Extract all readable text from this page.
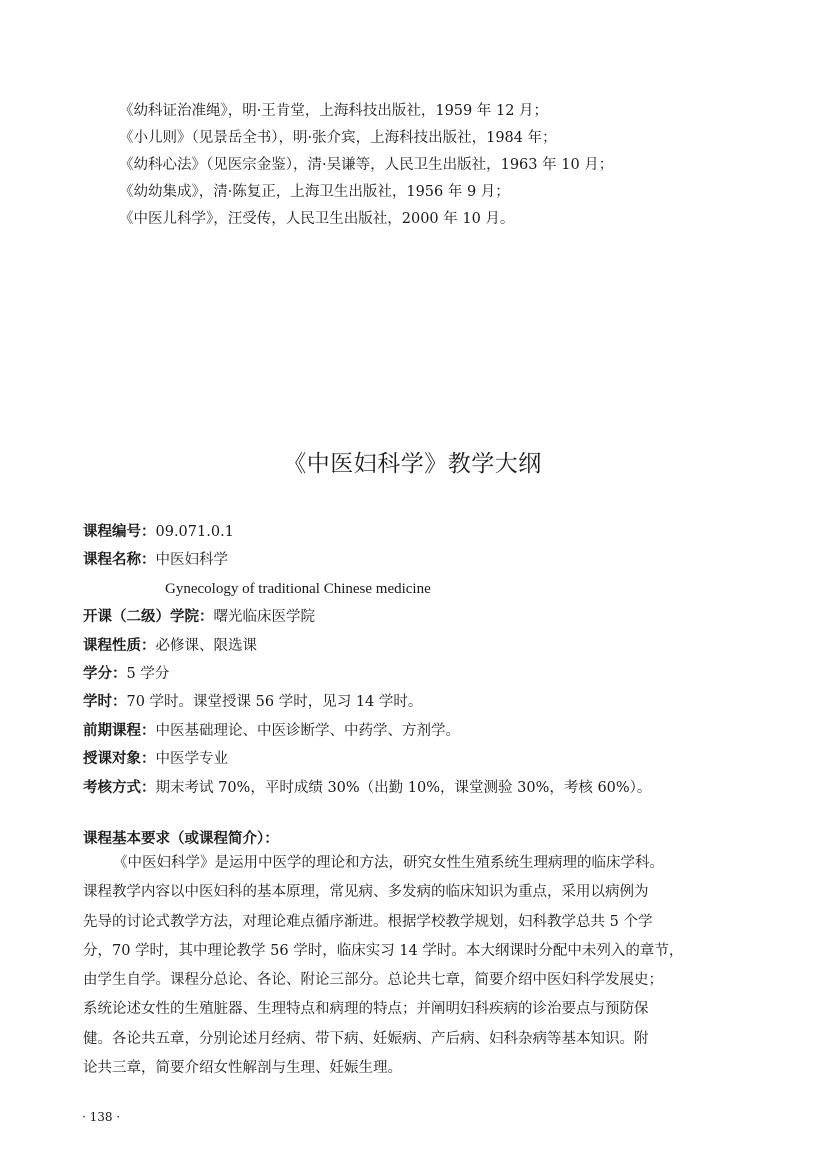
《幼科证治准绳》，明·王肯堂，上海科技出版社，1959 年 12 月；
《小儿则》（见景岳全书），明·张介宾，上海科技出版社，1984 年；
《幼科心法》（见医宗金鉴），清·吴谦等，人民卫生出版社，1963 年 10 月；
《幼幼集成》，清·陈复正，上海卫生出版社，1956 年 9 月；
《中医儿科学》，汪受传，人民卫生出版社，2000 年 10 月。
《中医妇科学》教学大纲
课程编号：09.071.0.1
课程名称：中医妇科学
Gynecology of traditional Chinese medicine
开课（二级）学院：曙光临床医学院
课程性质：必修课、限选课
学分：5 学分
学时：70 学时。课堂授课 56 学时，见习 14 学时。
前期课程：中医基础理论、中医诊断学、中药学、方剂学。
授课对象：中医学专业
考核方式：期末考试 70%，平时成绩 30%（出勤 10%，课堂测验 30%，考核 60%）。
课程基本要求（或课程简介）：
《中医妇科学》是运用中医学的理论和方法，研究女性生殖系统生理病理的临床学科。
课程教学内容以中医妇科的基本原理，常见病、多发病的临床知识为重点，采用以病例为
先导的讨论式教学方法，对理论难点循序渐进。根据学校教学规划，妇科教学总共 5 个学
分，70 学时，其中理论教学 56 学时，临床实习 14 学时。本大纲课时分配中未列入的章节，
由学生自学。课程分总论、各论、附论三部分。总论共七章，简要介绍中医妇科学发展史；
系统论述女性的生殖脏器、生理特点和病理的特点；并阐明妇科疾病的诊治要点与预防保
健。各论共五章，分别论述月经病、带下病、妊娠病、产后病、妇科杂病等基本知识。附
论共三章，简要介绍女性解剖与生理、妊娠生理。
· 138 ·
